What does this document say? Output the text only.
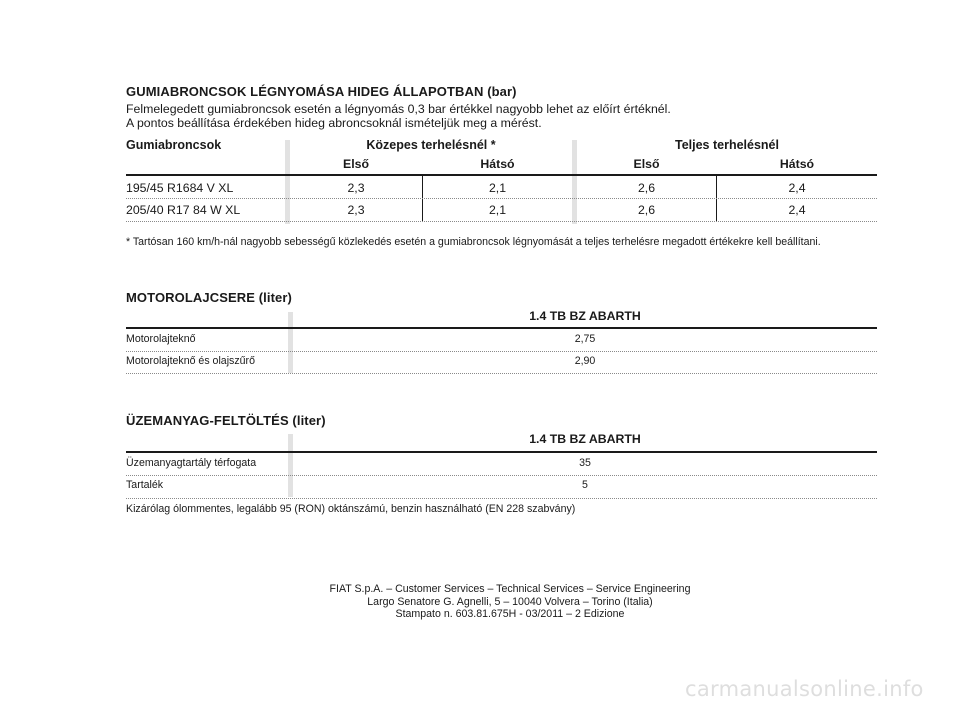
GUMIABRONCSOK LÉGNYOMÁSA HIDEG ÁLLAPOTBAN (bar)
Felmelegedett gumiabroncsok esetén a légnyomás 0,3 bar értékkel nagyobb lehet az előírt értéknél.
A pontos beállítása érdekében hideg abroncsoknál ismételjük meg a mérést.
Gumiabroncsok	Közepes terhelésnél *	Teljes terhelésnél
Első	Hátsó	Első	Hátsó
195/45 R1684 V XL	2,3	2,1	2,6	2,4
205/40 R17 84 W XL	2,3	2,1	2,6	2,4
* Tartósan 160 km/h-nál nagyobb sebességű közlekedés esetén a gumiabroncsok légnyomását a teljes terhelésre megadott értékekre kell beállítani.
MOTOROLAJCSERE (liter)
1.4 TB BZ ABARTH
Motorolajteknő	2,75
Motorolajteknő és olajszűrő	2,90
ÜZEMANYAG-FELTÖLTÉS (liter)
1.4 TB BZ ABARTH
Üzemanyagtartály térfogata	35
Tartalék	5
Kizárólag ólommentes, legalább 95 (RON) oktánszámú, benzin használható (EN 228 szabvány)
FIAT S.p.A. – Customer Services – Technical Services – Service Engineering
Largo Senatore G. Agnelli, 5 – 10040 Volvera – Torino (Italia)
Stampato n. 603.81.675H - 03/2011 – 2 Edizione
carmanualsonline.info
